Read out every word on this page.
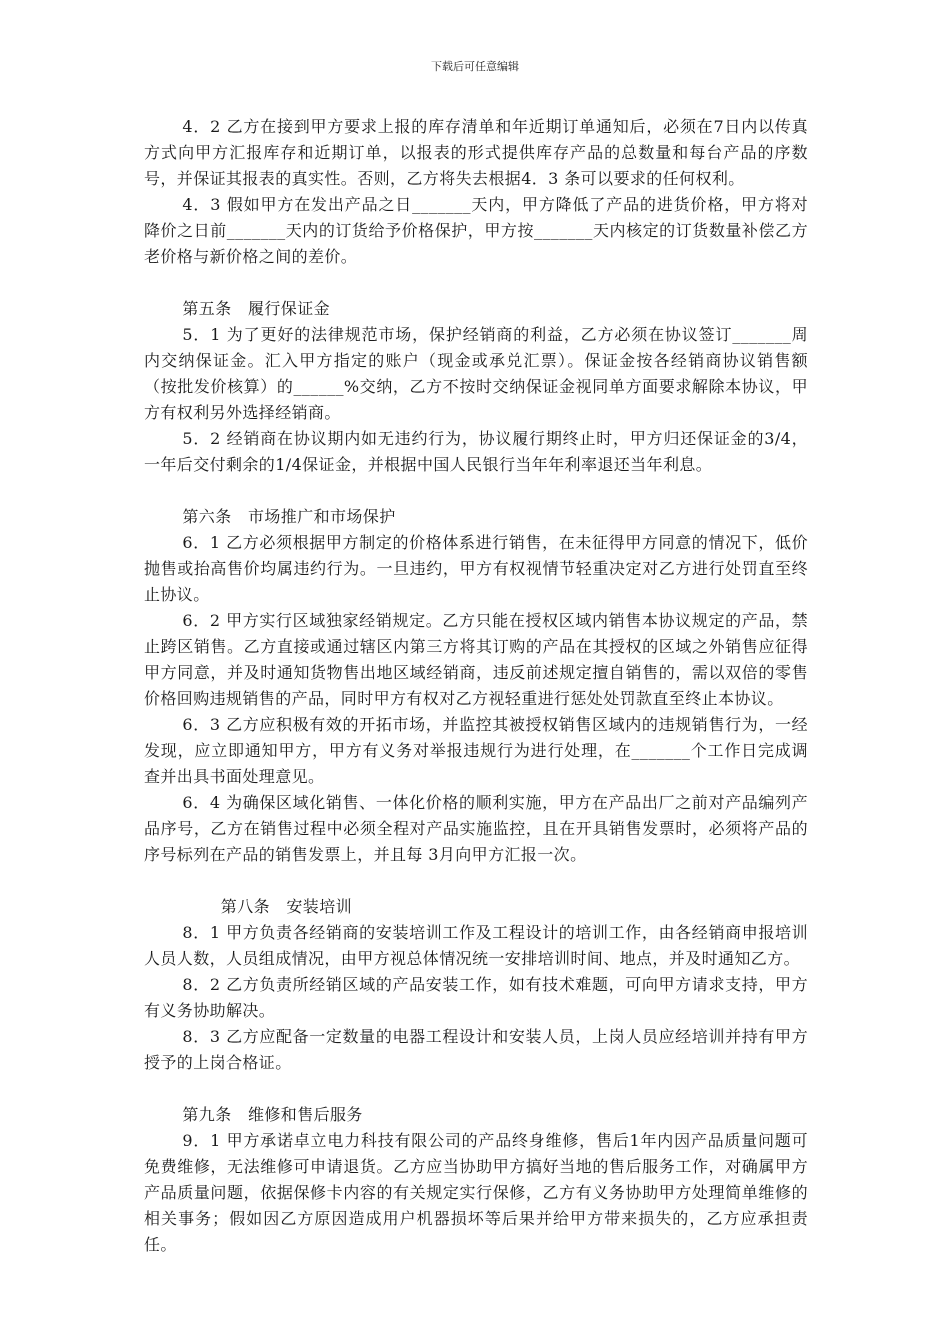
下载后可任意编辑

4．2 乙方在接到甲方要求上报的库存清单和年近期订单通知后，必须在7日内以传真方式向甲方汇报库存和近期订单，以报表的形式提供库存产品的总数量和每台产品的序数号，并保证其报表的真实性。否则，乙方将失去根据4．3 条可以要求的任何权利。

4．3 假如甲方在发出产品之日_______天内，甲方降低了产品的进货价格，甲方将对降价之日前_______天内的订货给予价格保护，甲方按_______天内核定的订货数量补偿乙方老价格与新价格之间的差价。

第五条　履行保证金

5．1 为了更好的法律规范市场，保护经销商的利益，乙方必须在协议签订_______周内交纳保证金。汇入甲方指定的账户（现金或承兑汇票）。保证金按各经销商协议销售额（按批发价核算）的______%交纳，乙方不按时交纳保证金视同单方面要求解除本协议，甲方有权利另外选择经销商。

5．2 经销商在协议期内如无违约行为，协议履行期终止时，甲方归还保证金的3/4，一年后交付剩余的1/4保证金，并根据中国人民银行当年年利率退还当年利息。

第六条　市场推广和市场保护

6．1 乙方必须根据甲方制定的价格体系进行销售，在未征得甲方同意的情况下，低价抛售或抬高售价均属违约行为。一旦违约，甲方有权视情节轻重决定对乙方进行处罚直至终止协议。

6．2 甲方实行区域独家经销规定。乙方只能在授权区域内销售本协议规定的产品，禁止跨区销售。乙方直接或通过辖区内第三方将其订购的产品在其授权的区域之外销售应征得甲方同意，并及时通知货物售出地区域经销商，违反前述规定擅自销售的，需以双倍的零售价格回购违规销售的产品，同时甲方有权对乙方视轻重进行惩处处罚款直至终止本协议。

6．3 乙方应积极有效的开拓市场，并监控其被授权销售区域内的违规销售行为，一经发现，应立即通知甲方，甲方有义务对举报违规行为进行处理，在_______个工作日完成调查并出具书面处理意见。

6．4 为确保区域化销售、一体化价格的顺利实施，甲方在产品出厂之前对产品编列产品序号，乙方在销售过程中必须全程对产品实施监控，且在开具销售发票时，必须将产品的序号标列在产品的销售发票上，并且每 3月向甲方汇报一次。

第八条　安装培训

8．1 甲方负责各经销商的安装培训工作及工程设计的培训工作，由各经销商申报培训人员人数，人员组成情况，由甲方视总体情况统一安排培训时间、地点，并及时通知乙方。

8．2 乙方负责所经销区域的产品安装工作，如有技术难题，可向甲方请求支持，甲方有义务协助解决。

8．3 乙方应配备一定数量的电器工程设计和安装人员，上岗人员应经培训并持有甲方授予的上岗合格证。

第九条　维修和售后服务

9．1 甲方承诺卓立电力科技有限公司的产品终身维修，售后1年内因产品质量问题可免费维修，无法维修可申请退货。乙方应当协助甲方搞好当地的售后服务工作，对确属甲方产品质量问题，依据保修卡内容的有关规定实行保修，乙方有义务协助甲方处理简单维修的相关事务；假如因乙方原因造成用户机器损坏等后果并给甲方带来损失的，乙方应承担责任。
